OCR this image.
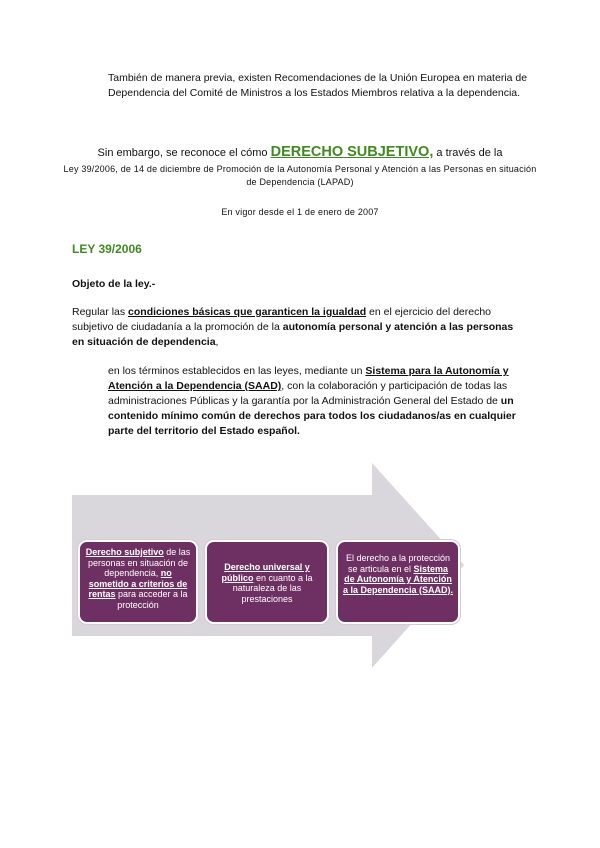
También de manera previa, existen Recomendaciones de la Unión Europea en materia de Dependencia del Comité de Ministros a los Estados Miembros relativa a la dependencia.
Sin embargo, se reconoce el cómo DERECHO SUBJETIVO, a través de la
Ley 39/2006, de 14 de diciembre de Promoción de la Autonomía Personal y Atención a las Personas en situación de Dependencia (LAPAD)
En vigor desde el 1 de enero de 2007
LEY 39/2006
Objeto de la ley.-
Regular las condiciones básicas que garanticen la igualdad en el ejercicio del derecho subjetivo de ciudadanía a la promoción de la autonomía personal y atención a las personas en situación de dependencia,
en los términos establecidos en las leyes, mediante un Sistema para la Autonomía y Atención a la Dependencia (SAAD), con la colaboración y participación de todas las administraciones Públicas y la garantía por la Administración General del Estado de un contenido mínimo común de derechos para todos los ciudadanos/as en cualquier parte del territorio del Estado español.
Derecho subjetivo de las personas en situación de dependencia, no sometido a criterios de rentas para acceder a la protección
Derecho universal y público en cuanto a la naturaleza de las prestaciones
El derecho a la protección se articula en el Sistema de Autonomía y Atención a la Dependencia (SAAD).
